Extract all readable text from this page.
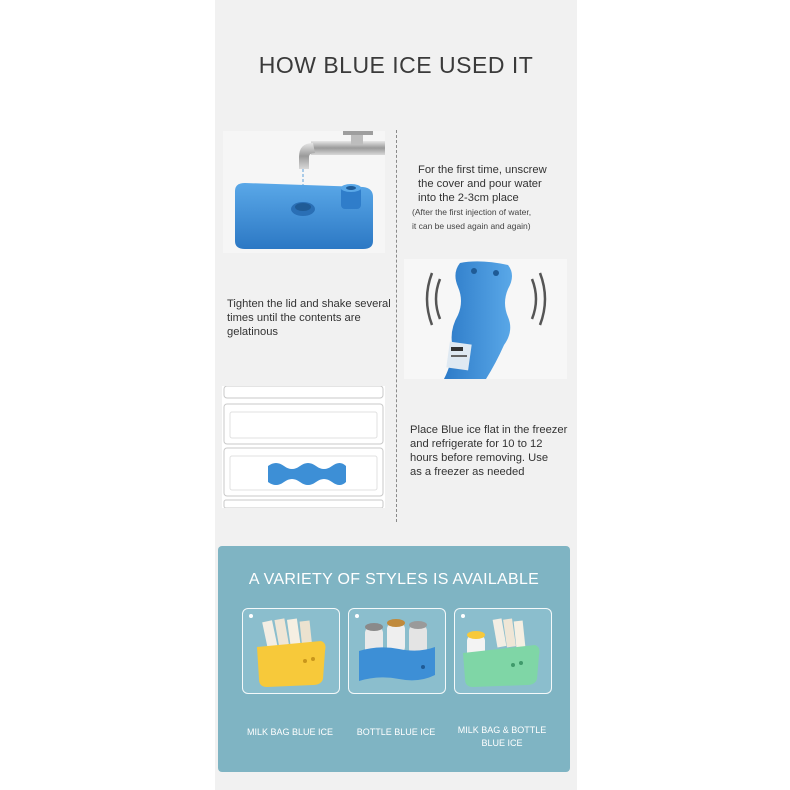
HOW BLUE ICE USED IT

For the first time, unscrew
the cover and pour water
into the 2-3cm place

(After the first injection of water,
it can be used again and again)

Tighten the lid and shake several
times until the contents are
gelatinous

Place Blue ice flat in the freezer
and refrigerate for 10 to 12
hours before removing. Use
as a freezer as needed

A VARIETY OF STYLES IS AVAILABLE
MILK BAG BLUE ICE	BOTTLE BLUE ICE	MILK BAG & BOTTLE
BLUE ICE
